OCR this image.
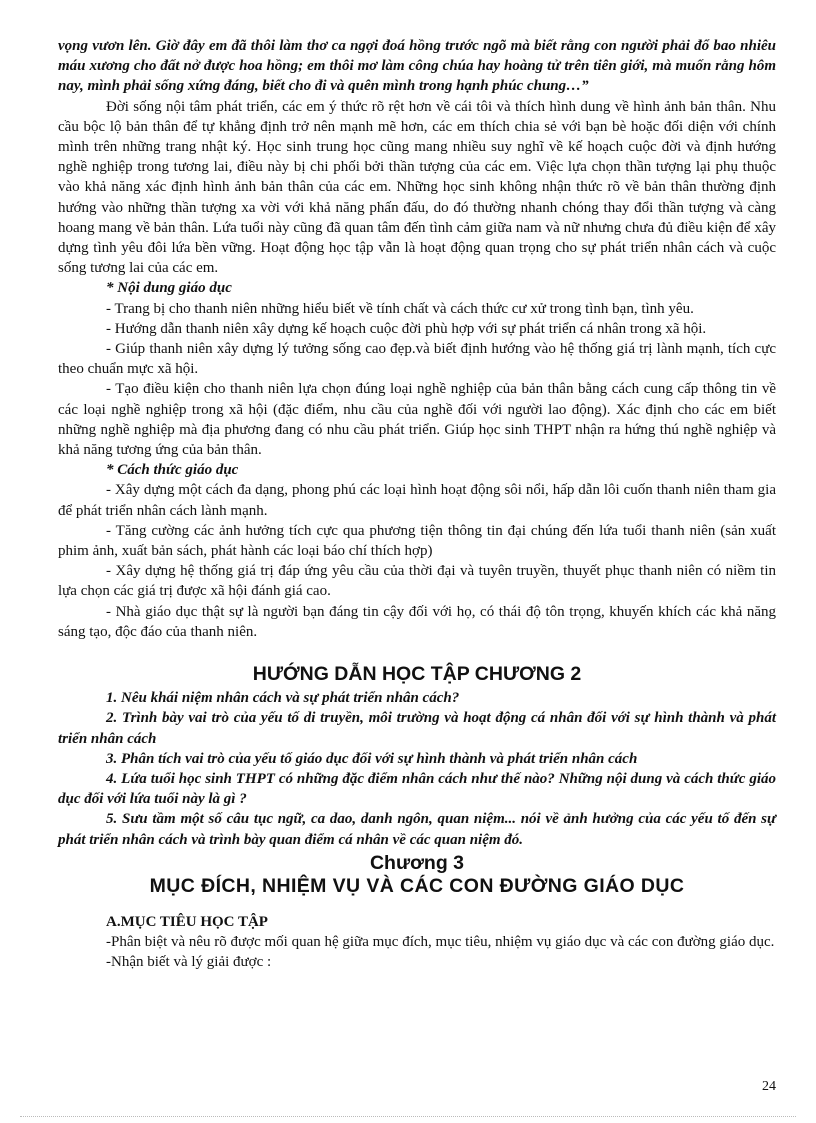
vọng vươn lên. Giờ đây em đã thôi làm thơ ca ngợi đoá hồng trước ngõ mà biết rằng con người phải đổ bao nhiêu máu xương cho đất nở được hoa hồng; em thôi mơ làm công chúa hay hoàng tử trên tiên giới, mà muốn rằng hôm nay, mình phải sống xứng đáng, biết cho đi và quên mình trong hạnh phúc chung…”

Đời sống nội tâm phát triển, các em ý thức rõ rệt hơn về cái tôi và thích hình dung về hình ảnh bản thân. Nhu cầu bộc lộ bản thân để tự khẳng định trở nên mạnh mẽ hơn, các em thích chia sẻ với bạn bè hoặc đối diện với chính mình trên những trang nhật ký. Học sinh trung học cũng mang nhiều suy nghĩ về kế hoạch cuộc đời và định hướng nghề nghiệp trong tương lai, điều này bị chi phối bởi thần tượng của các em. Việc lựa chọn thần tượng lại phụ thuộc vào khả năng xác định hình ảnh bản thân của các em. Những học sinh không nhận thức rõ về bản thân thường định hướng vào những thần tượng xa vời với khả năng phấn đấu, do đó thường nhanh chóng thay đổi thần tượng và càng hoang mang về bản thân. Lứa tuổi này cũng đã quan tâm đến tình cảm giữa nam và nữ nhưng chưa đủ điều kiện để xây dựng tình yêu đôi lứa bền vững. Hoạt động học tập vẫn là hoạt động quan trọng cho sự phát triển nhân cách và cuộc sống tương lai của các em.

* Nội dung giáo dục

- Trang bị cho thanh niên những hiểu biết về tính chất và cách thức cư xử trong tình bạn, tình yêu.

- Hướng dẫn thanh niên xây dựng kế hoạch cuộc đời phù hợp với sự phát triển cá nhân trong xã hội.

- Giúp thanh niên xây dựng lý tưởng sống cao đẹp.và biết định hướng vào hệ thống giá trị lành mạnh, tích cực theo chuẩn mực xã hội.

- Tạo điều kiện cho thanh niên lựa chọn đúng loại nghề nghiệp của bản thân bằng cách cung cấp thông tin về các loại nghề nghiệp trong xã hội (đặc điểm, nhu cầu của nghề đối với người lao động). Xác định cho các em biết những nghề nghiệp mà địa phương đang có nhu cầu phát triển. Giúp học sinh THPT nhận ra hứng thú nghề nghiệp và khả năng tương ứng của bản thân.

* Cách thức giáo dục

- Xây dựng một cách đa dạng, phong phú các loại hình hoạt động sôi nổi, hấp dẫn lôi cuốn thanh niên tham gia để phát triển nhân cách lành mạnh.

- Tăng cường các ảnh hưởng tích cực qua phương tiện thông tin đại chúng đến lứa tuổi thanh niên (sản xuất phim ảnh, xuất bản sách, phát hành các loại báo chí thích hợp)

- Xây dựng hệ thống giá trị đáp ứng yêu cầu của thời đại và tuyên truyền, thuyết phục thanh niên có niềm tin lựa chọn các giá trị được xã hội đánh giá cao.

- Nhà giáo dục thật sự là người bạn đáng tin cậy đối với họ, có thái độ tôn trọng, khuyến khích các khả năng sáng tạo, độc đáo của thanh niên.

HƯỚNG DẪN HỌC TẬP CHƯƠNG 2

1. Nêu khái niệm nhân cách và sự phát triển nhân cách?

2. Trình bày vai trò của yếu tố di truyền, môi trường và hoạt động cá nhân đối với sự hình thành và phát triển nhân cách

3. Phân tích vai trò của yếu tố giáo dục đối với sự hình thành và phát triển nhân cách

4. Lứa tuổi học sinh THPT có những đặc điểm nhân cách như thế nào? Những nội dung và cách thức giáo dục đối với lứa tuổi này là gì ?

5. Sưu tầm một số câu tục ngữ, ca dao, danh ngôn, quan niệm... nói về ảnh hưởng của các yếu tố đến sự phát triển nhân cách và trình bày quan điểm cá nhân về các quan niệm đó.

Chương 3
MỤC ĐÍCH, NHIỆM VỤ VÀ CÁC CON ĐƯỜNG GIÁO DỤC

A.MỤC TIÊU HỌC TẬP

-Phân biệt và nêu rõ được mối quan hệ giữa mục đích, mục tiêu, nhiệm vụ giáo dục và các con đường giáo dục.

-Nhận biết và lý giải được :

24
